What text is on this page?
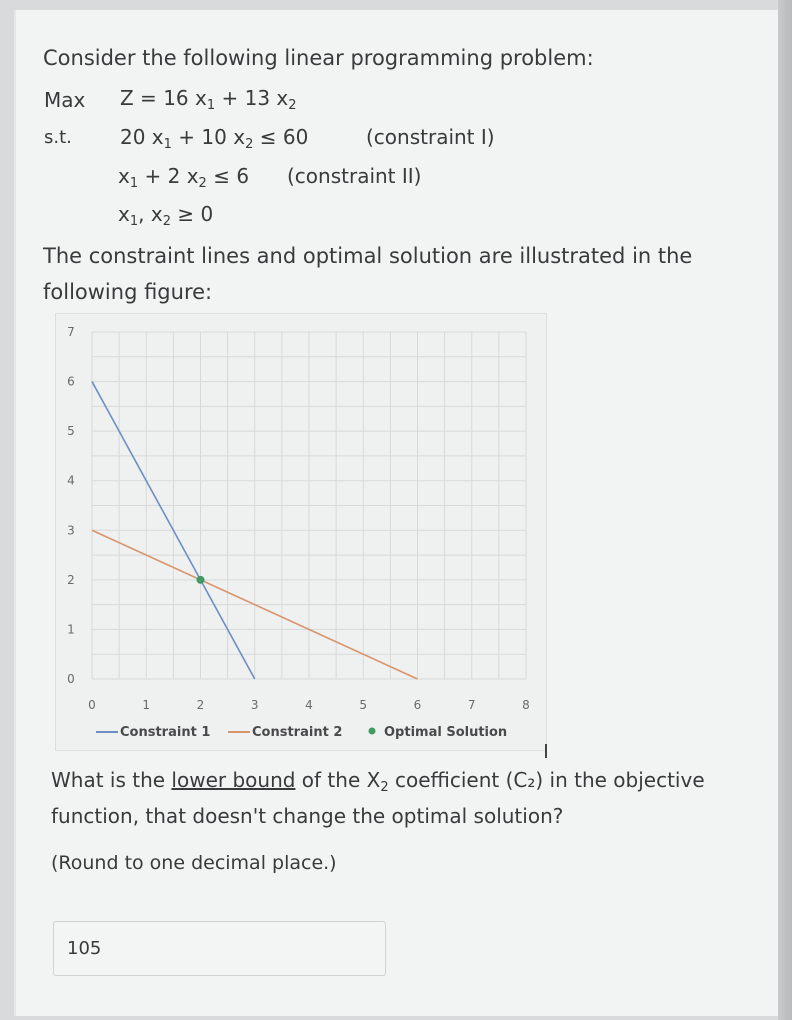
Consider the following linear programming problem:
Max Z = 16 $x_1 + 13$ $x_2$
s.t. 20 $x_1 + 10$ $x_2 \le 60$	(constraint I)
$x_1 + 2$ $x_2 \le 6$ (constraint II)
$x_1$, $x_2 \ge 0$
The constraint lines and optimal solution are illustrated in the following figure:
0	1	2	3	4	5	6	7	8
0
1
2
3
4
5
6
7
Constraint 1	Constraint 2	Optimal Solution
What is the lower bound of the $X_2$ coefficient (C₂) in the objective function, that doesn't change the optimal solution?
(Round to one decimal place.)
105
